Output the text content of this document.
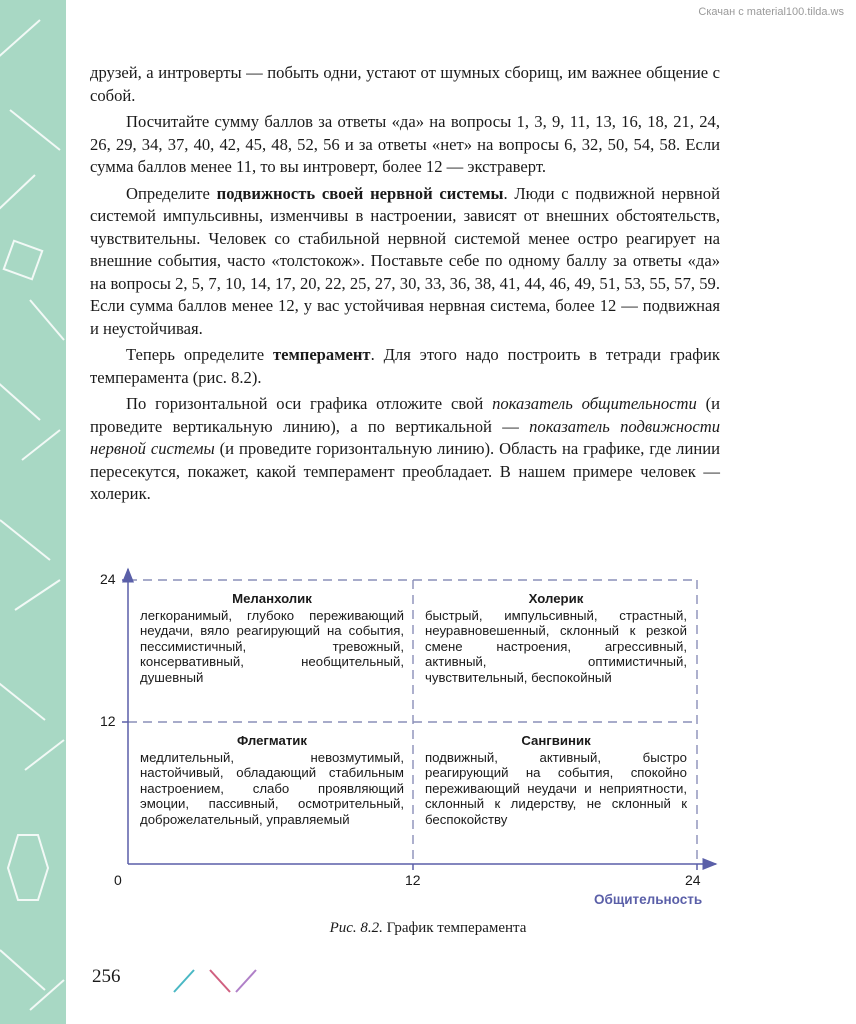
Скачан с material100.tilda.ws

друзей, а интроверты — побыть одни, устают от шумных сборищ, им важнее общение с собой.

Посчитайте сумму баллов за ответы «да» на вопросы 1, 3, 9, 11, 13, 16, 18, 21, 24, 26, 29, 34, 37, 40, 42, 45, 48, 52, 56 и за ответы «нет» на вопросы 6, 32, 50, 54, 58. Если сумма баллов менее 11, то вы интроверт, более 12 — экстраверт.

Определите подвижность своей нервной системы. Люди с подвижной нервной системой импульсивны, изменчивы в настроении, зависят от внешних обстоятельств, чувствительны. Человек со стабильной нервной системой менее остро реагирует на внешние события, часто «толстокож». Поставьте себе по одному баллу за ответы «да» на вопросы 2, 5, 7, 10, 14, 17, 20, 22, 25, 27, 30, 33, 36, 38, 41, 44, 46, 49, 51, 53, 55, 57, 59. Если сумма баллов менее 12, у вас устойчивая нервная система, более 12 — подвижная и неустойчивая.

Теперь определите темперамент. Для этого надо построить в тетради график темперамента (рис. 8.2).

По горизонтальной оси графика отложите свой показатель общительности (и проведите вертикальную линию), а по вертикальной — показатель подвижности нервной системы (и проведите горизонтальную линию). Область на графике, где линии пересекутся, покажет, какой темперамент преобладает. В нашем примере человек — холерик.

24
12
0	12	24
Меланхолик
легкоранимый, глубоко переживающий неудачи, вяло реагирующий на события, пессимистичный, тревожный, консервативный, необщительный, душевный
Холерик
быстрый, импульсивный, страстный, неуравновешенный, склонный к резкой смене настроения, агрессивный, активный, оптимистичный, чувствительный, беспокойный
Флегматик
медлительный, невозмутимый, настойчивый, обладающий стабильным настроением, слабо проявляющий эмоции, пассивный, осмотрительный, доброжелательный, управляемый
Сангвиник
подвижный, активный, быстро реагирующий на события, спокойно переживающий неудачи и неприятности, склонный к лидерству, не склонный к беспокойству
Общительность
Рис. 8.2. График темперамента
256
